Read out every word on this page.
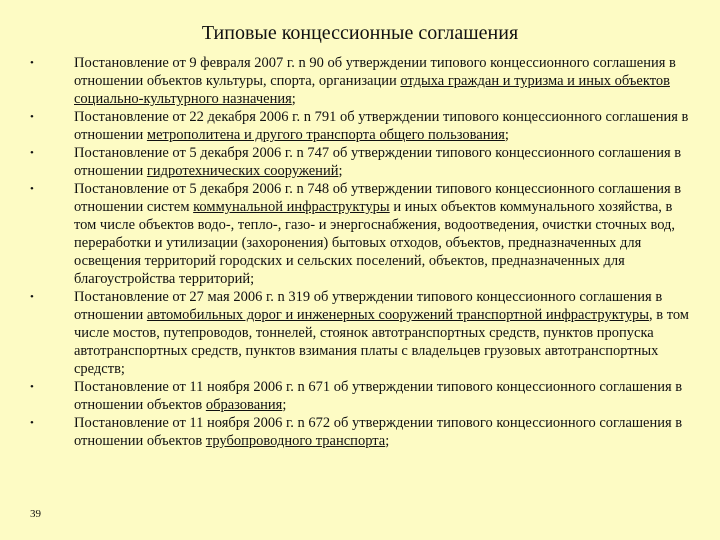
Типовые концессионные соглашения
•	Постановление от 9 февраля 2007 г. n 90 об утверждении типового концессионного соглашения в отношении объектов культуры, спорта, организации отдыха граждан и туризма и иных объектов социально-культурного назначения;
•	Постановление от 22 декабря 2006 г. n 791 об утверждении типового концессионного соглашения в отношении метрополитена и другого транспорта общего пользования;
•	Постановление от 5 декабря 2006 г. n 747 об утверждении типового концессионного соглашения в отношении гидротехнических сооружений;
•	Постановление от 5 декабря 2006 г. n 748 об утверждении типового концессионного соглашения в отношении систем коммунальной инфраструктуры и иных объектов коммунального хозяйства, в том числе объектов водо-, тепло-, газо- и энергоснабжения, водоотведения, очистки сточных вод, переработки и утилизации (захоронения) бытовых отходов, объектов, предназначенных для освещения территорий городских и сельских поселений, объектов, предназначенных для благоустройства территорий;
•	Постановление от 27 мая 2006 г. n 319 об утверждении типового концессионного соглашения в отношении автомобильных дорог и инженерных сооружений транспортной инфраструктуры, в том числе мостов, путепроводов, тоннелей, стоянок автотранспортных средств, пунктов пропуска автотранспортных средств, пунктов взимания платы с владельцев грузовых автотранспортных средств;
•	Постановление от 11 ноября 2006 г. n 671 об утверждении типового концессионного соглашения в отношении объектов образования;
•	Постановление от 11 ноября 2006 г. n 672 об утверждении типового концессионного соглашения в отношении объектов трубопроводного транспорта;
39
